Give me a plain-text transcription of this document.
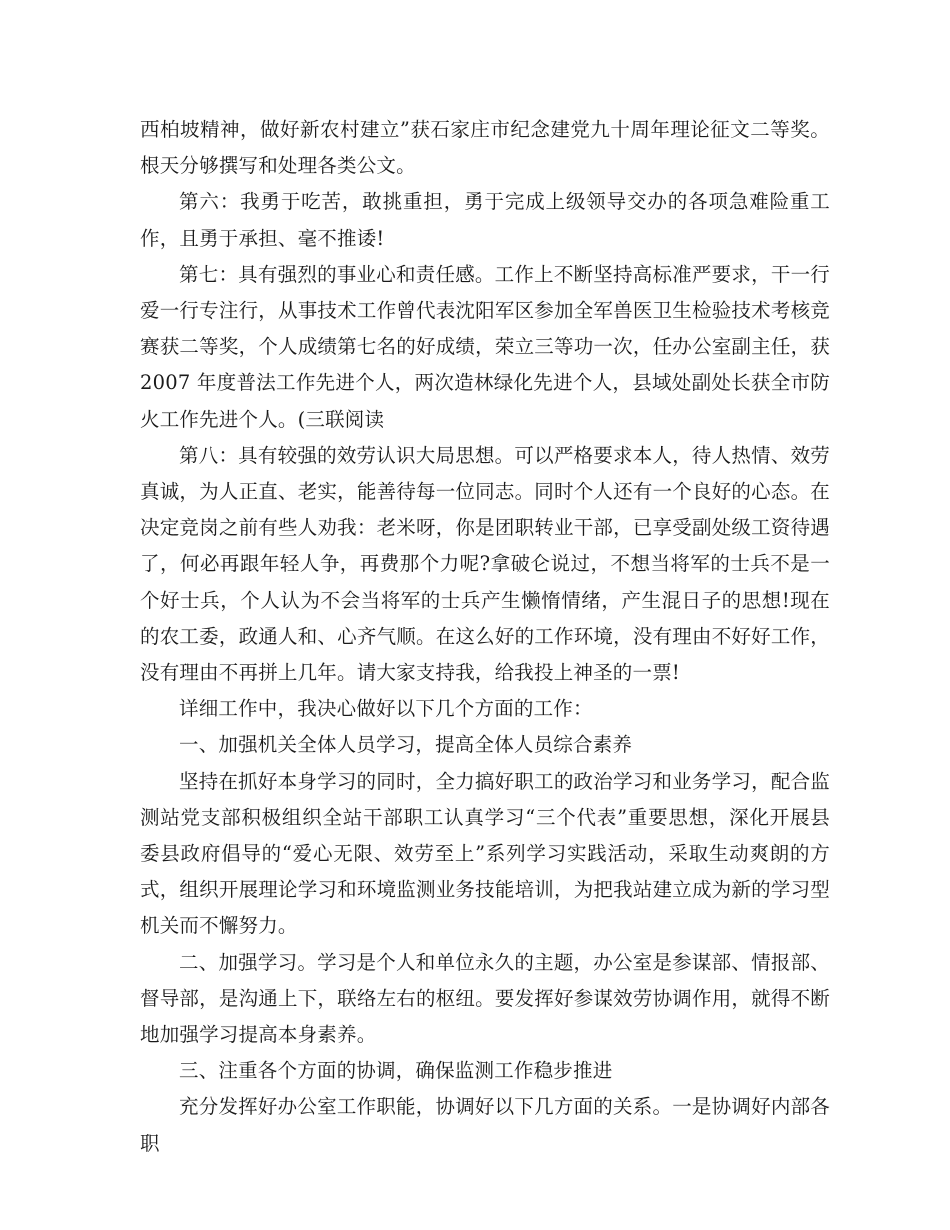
西柏坡精神，做好新农村建立”获石家庄市纪念建党九十周年理论征文二等奖。根天分够撰写和处理各类公文。

第六：我勇于吃苦，敢挑重担，勇于完成上级领导交办的各项急难险重工作，且勇于承担、毫不推诿!

第七：具有强烈的事业心和责任感。工作上不断坚持高标准严要求，干一行爱一行专注行，从事技术工作曾代表沈阳军区参加全军兽医卫生检验技术考核竞赛获二等奖，个人成绩第七名的好成绩，荣立三等功一次，任办公室副主任，获 2007 年度普法工作先进个人，两次造林绿化先进个人，县域处副处长获全市防火工作先进个人。(三联阅读

第八：具有较强的效劳认识大局思想。可以严格要求本人，待人热情、效劳真诚，为人正直、老实，能善待每一位同志。同时个人还有一个良好的心态。在决定竞岗之前有些人劝我：老米呀，你是团职转业干部，已享受副处级工资待遇了，何必再跟年轻人争，再费那个力呢?拿破仑说过，不想当将军的士兵不是一个好士兵，个人认为不会当将军的士兵产生懒惰情绪，产生混日子的思想!现在的农工委，政通人和、心齐气顺。在这么好的工作环境，没有理由不好好工作，没有理由不再拼上几年。请大家支持我，给我投上神圣的一票!

详细工作中，我决心做好以下几个方面的工作：

一、加强机关全体人员学习，提高全体人员综合素养

坚持在抓好本身学习的同时，全力搞好职工的政治学习和业务学习，配合监测站党支部积极组织全站干部职工认真学习“三个代表”重要思想，深化开展县委县政府倡导的“爱心无限、效劳至上”系列学习实践活动，采取生动爽朗的方式，组织开展理论学习和环境监测业务技能培训，为把我站建立成为新的学习型机关而不懈努力。

二、加强学习。学习是个人和单位永久的主题，办公室是参谋部、情报部、督导部，是沟通上下，联络左右的枢纽。要发挥好参谋效劳协调作用，就得不断地加强学习提高本身素养。

三、注重各个方面的协调，确保监测工作稳步推进

充分发挥好办公室工作职能，协调好以下几方面的关系。一是协调好内部各职
